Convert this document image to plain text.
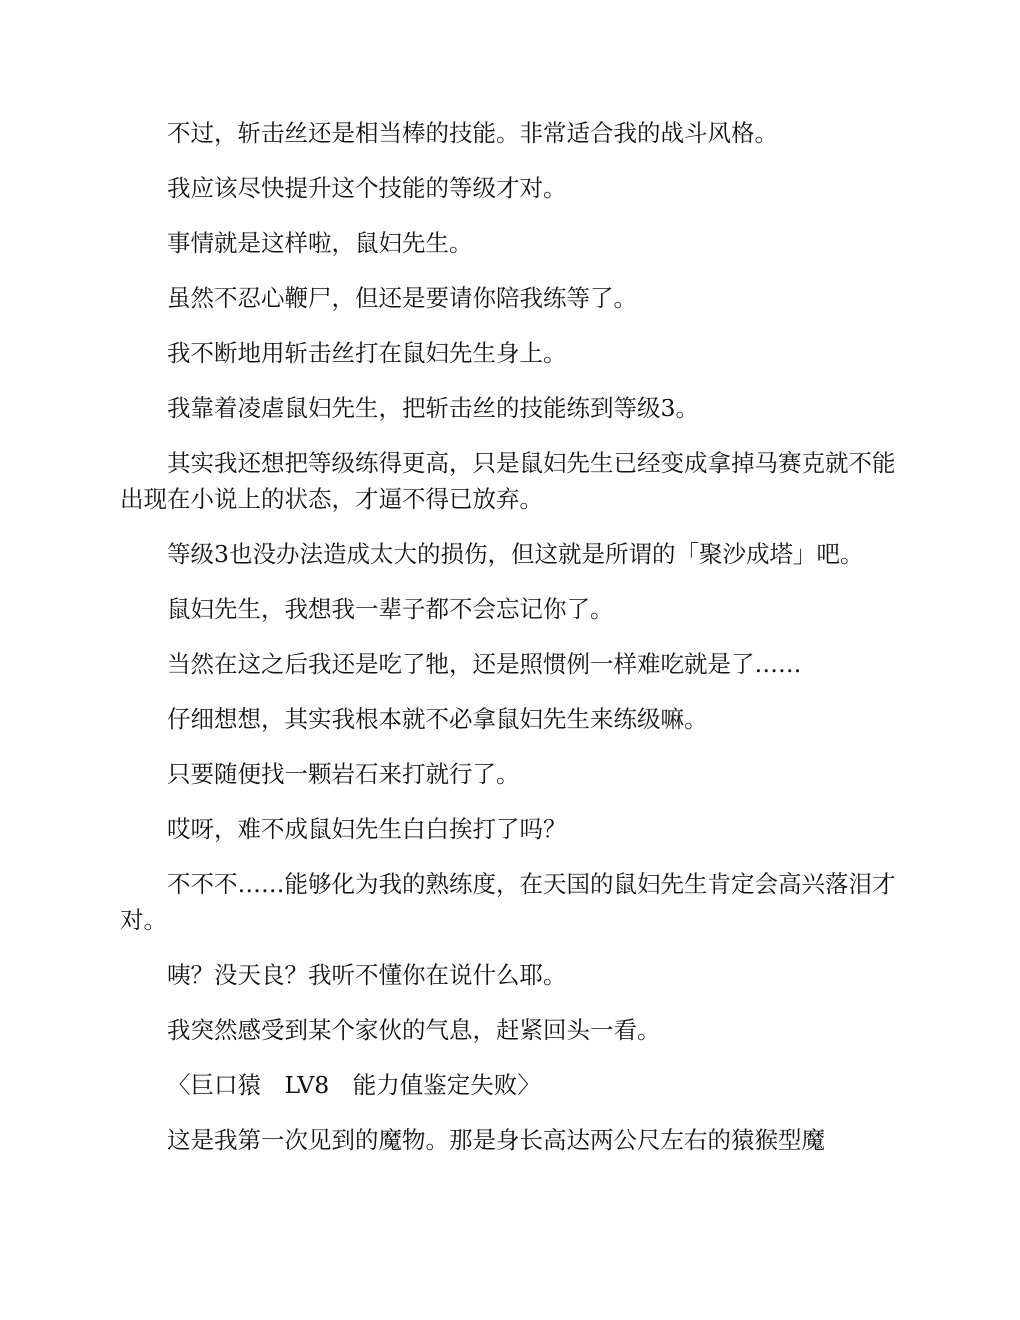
不过，斩击丝还是相当棒的技能。非常适合我的战斗风格。

我应该尽快提升这个技能的等级才对。

事情就是这样啦，鼠妇先生。

虽然不忍心鞭尸，但还是要请你陪我练等了。

我不断地用斩击丝打在鼠妇先生身上。

我靠着凌虐鼠妇先生，把斩击丝的技能练到等级3。

其实我还想把等级练得更高，只是鼠妇先生已经变成拿掉马赛克就不能出现在小说上的状态，才逼不得已放弃。

等级3也没办法造成太大的损伤，但这就是所谓的「聚沙成塔」吧。

鼠妇先生，我想我一辈子都不会忘记你了。

当然在这之后我还是吃了牠，还是照惯例一样难吃就是了……

仔细想想，其实我根本就不必拿鼠妇先生来练级嘛。

只要随便找一颗岩石来打就行了。

哎呀，难不成鼠妇先生白白挨打了吗？

不不不……能够化为我的熟练度，在天国的鼠妇先生肯定会高兴落泪才对。

咦？没天良？我听不懂你在说什么耶。

我突然感受到某个家伙的气息，赶紧回头一看。

〈巨口猿　LV8　能力值鉴定失败〉

这是我第一次见到的魔物。那是身长高达两公尺左右的猿猴型魔
